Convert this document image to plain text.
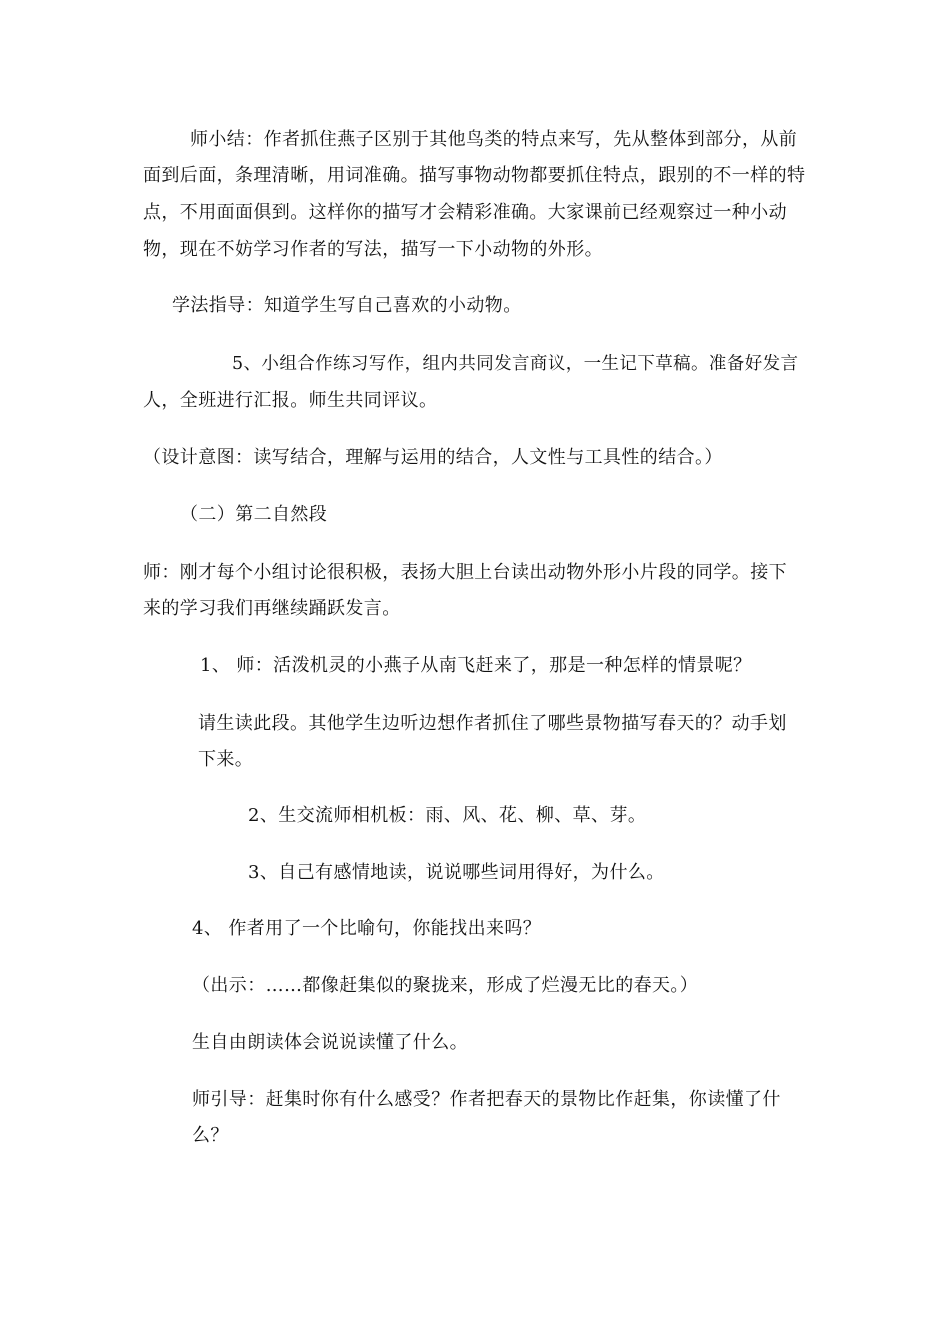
师小结：作者抓住燕子区别于其他鸟类的特点来写，先从整体到部分，从前
面到后面，条理清晰，用词准确。描写事物动物都要抓住特点，跟别的不一样的特
点，不用面面俱到。这样你的描写才会精彩准确。大家课前已经观察过一种小动
物，现在不妨学习作者的写法，描写一下小动物的外形。
学法指导：知道学生写自己喜欢的小动物。
5、小组合作练习写作，组内共同发言商议，一生记下草稿。准备好发言
人，全班进行汇报。师生共同评议。
（设计意图：读写结合，理解与运用的结合，人文性与工具性的结合。）
（二）第二自然段
师：刚才每个小组讨论很积极，表扬大胆上台读出动物外形小片段的同学。接下
来的学习我们再继续踊跃发言。
1、 师：活泼机灵的小燕子从南飞赶来了，那是一种怎样的情景呢？
请生读此段。其他学生边听边想作者抓住了哪些景物描写春天的？动手划
下来。
2、生交流师相机板：雨、风、花、柳、草、芽。
3、自己有感情地读，说说哪些词用得好，为什么。
4、 作者用了一个比喻句，你能找出来吗？
（出示：……都像赶集似的聚拢来，形成了烂漫无比的春天。）
生自由朗读体会说说读懂了什么。
师引导：赶集时你有什么感受？作者把春天的景物比作赶集，你读懂了什
么？
